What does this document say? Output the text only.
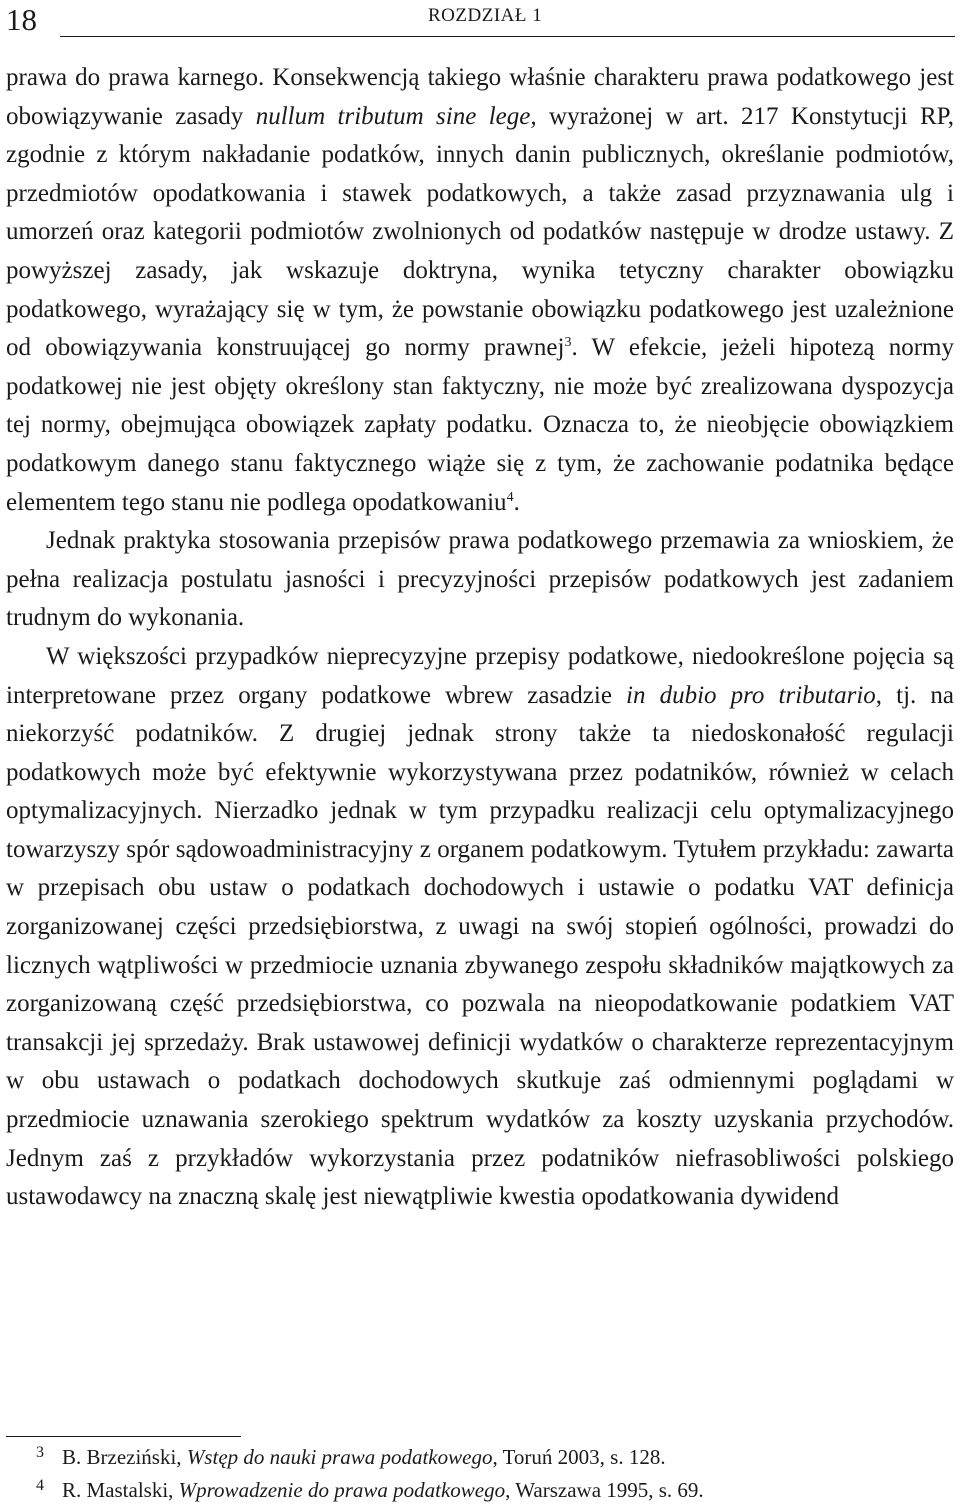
18	ROZDZIAŁ 1

prawa do prawa karnego. Konsekwencją takiego właśnie charakteru prawa podatkowego jest obowiązywanie zasady nullum tributum sine lege, wyrażonej w art. 217 Konstytucji RP, zgodnie z którym nakładanie podatków, innych danin publicznych, określanie podmiotów, przedmiotów opodatkowania i stawek podatkowych, a także zasad przyznawania ulg i umorzeń oraz kategorii podmiotów zwolnionych od podatków następuje w drodze ustawy. Z powyższej zasady, jak wskazuje doktryna, wynika tetyczny charakter obowiązku podatkowego, wyrażający się w tym, że powstanie obowiązku podatkowego jest uzależnione od obowiązywania konstruującej go normy prawnej$^3$. W efekcie, jeżeli hipotezą normy podatkowej nie jest objęty określony stan faktyczny, nie może być zrealizowana dyspozycja tej normy, obejmująca obowiązek zapłaty podatku. Oznacza to, że nieobjęcie obowiązkiem podatkowym danego stanu faktycznego wiąże się z tym, że zachowanie podatnika będące elementem tego stanu nie podlega opodatkowaniu$^4$.

Jednak praktyka stosowania przepisów prawa podatkowego przemawia za wnioskiem, że pełna realizacja postulatu jasności i precyzyjności przepisów podatkowych jest zadaniem trudnym do wykonania.

W większości przypadków nieprecyzyjne przepisy podatkowe, niedookreślone pojęcia są interpretowane przez organy podatkowe wbrew zasadzie in dubio pro tributario, tj. na niekorzyść podatników. Z drugiej jednak strony także ta niedoskonałość regulacji podatkowych może być efektywnie wykorzystywana przez podatników, również w celach optymalizacyjnych. Nierzadko jednak w tym przypadku realizacji celu optymalizacyjnego towarzyszy spór sądowoadministracyjny z organem podatkowym. Tytułem przykładu: zawarta w przepisach obu ustaw o podatkach dochodowych i ustawie o podatku VAT definicja zorganizowanej części przedsiębiorstwa, z uwagi na swój stopień ogólności, prowadzi do licznych wątpliwości w przedmiocie uznania zbywanego zespołu składników majątkowych za zorganizowaną część przedsiębiorstwa, co pozwala na nieopodatkowanie podatkiem VAT transakcji jej sprzedaży. Brak ustawowej definicji wydatków o charakterze reprezentacyjnym w obu ustawach o podatkach dochodowych skutkuje zaś odmiennymi poglądami w przedmiocie uznawania szerokiego spektrum wydatków za koszty uzyskania przychodów. Jednym zaś z przykładów wykorzystania przez podatników niefrasobliwości polskiego ustawodawcy na znaczną skalę jest niewątpliwie kwestia opodatkowania dywidend

3 B. Brzeziński, Wstęp do nauki prawa podatkowego, Toruń 2003, s. 128.
4 R. Mastalski, Wprowadzenie do prawa podatkowego, Warszawa 1995, s. 69.
